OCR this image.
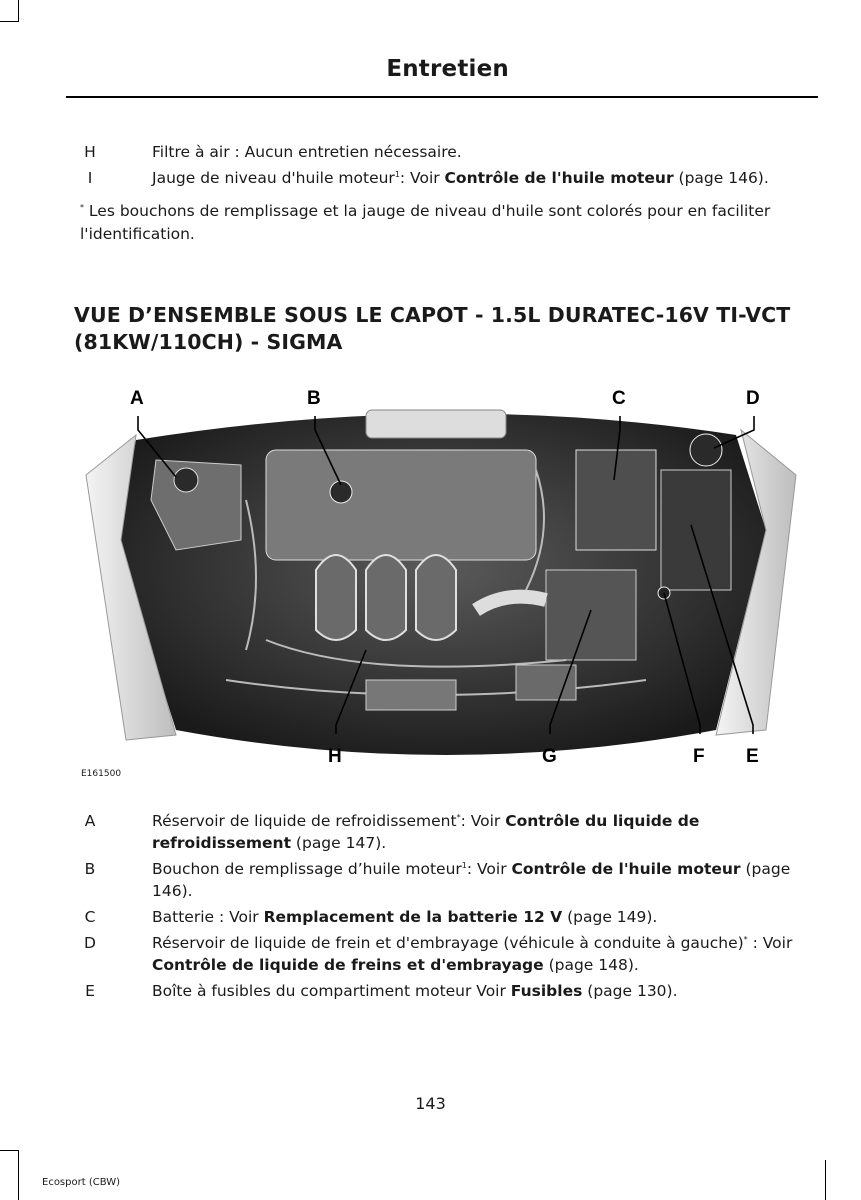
Entretien
H	Filtre à air : Aucun entretien nécessaire.
I	Jauge de niveau d'huile moteur$^1$: Voir Contrôle de l'huile moteur (page 146).
* Les bouchons de remplissage et la jauge de niveau d'huile sont colorés pour en faciliter l'identification.
VUE D’ENSEMBLE SOUS LE CAPOT - 1.5L DURATEC-16V TI-VCT (81KW/110CH) - SIGMA
A	B	C	D
H	G	F E
E161500
A	Réservoir de liquide de refroidissement*: Voir Contrôle du liquide de refroidissement (page 147).
B	Bouchon de remplissage d’huile moteur$^1$: Voir Contrôle de l'huile moteur (page 146).
C	Batterie : Voir Remplacement de la batterie 12 V (page 149).
D	Réservoir de liquide de frein et d'embrayage (véhicule à conduite à gauche)* : Voir Contrôle de liquide de freins et d'embrayage (page 148).
E	Boîte à fusibles du compartiment moteur Voir Fusibles (page 130).
143
Ecosport (CBW)
